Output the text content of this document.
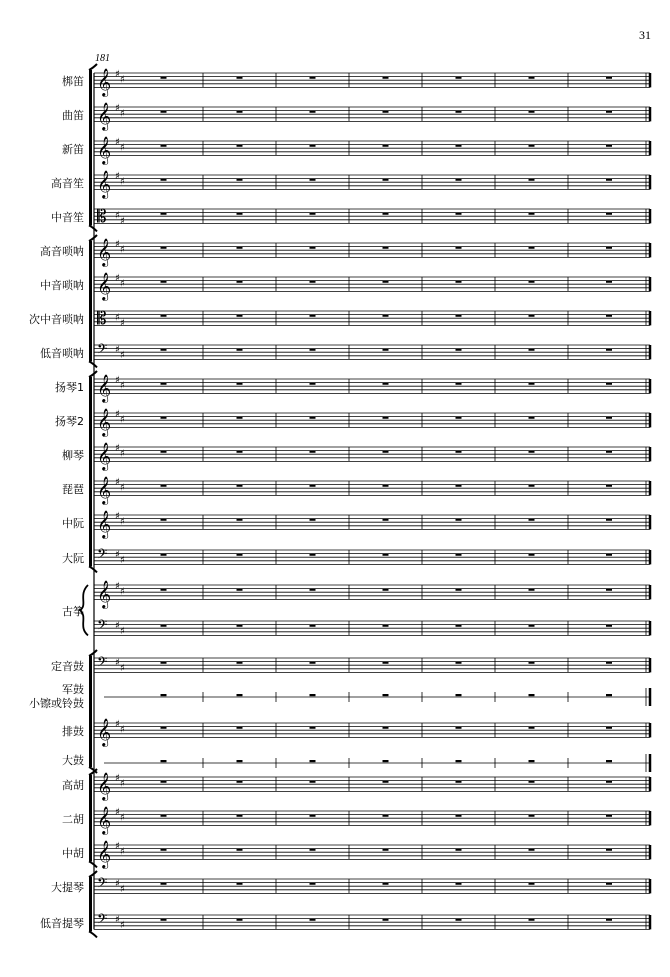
31
181
𝄞 ♯ ♯
𝄞 ♯ ♯
𝄞 ♯ ♯
𝄞 ♯ ♯
𝄡 ♯ ♯
𝄞 ♯ ♯
𝄞 ♯ ♯
𝄡 ♯ ♯
𝄢 ♯ ♯
𝄞 ♯ ♯
𝄞 ♯ ♯
𝄞 ♯ ♯
𝄞 ♯ ♯
𝄞 ♯ ♯
𝄢 ♯ ♯
𝄞 ♯ ♯
𝄢 ♯ ♯
𝄢 ♯ ♯
𝄞 ♯ ♯
𝄞 ♯ ♯
𝄞 ♯ ♯
𝄞 ♯ ♯
𝄢 ♯ ♯
𝄢 ♯ ♯
梆笛
曲笛
新笛
高音笙
中音笙
高音唢呐
中音唢呐
次中音唢呐
低音唢呐
扬琴1
扬琴2
柳琴
琵琶
中阮
大阮
古筝
定音鼓
军鼓
小镲或铃鼓
排鼓
大鼓
高胡
二胡
中胡
大提琴
低音提琴
